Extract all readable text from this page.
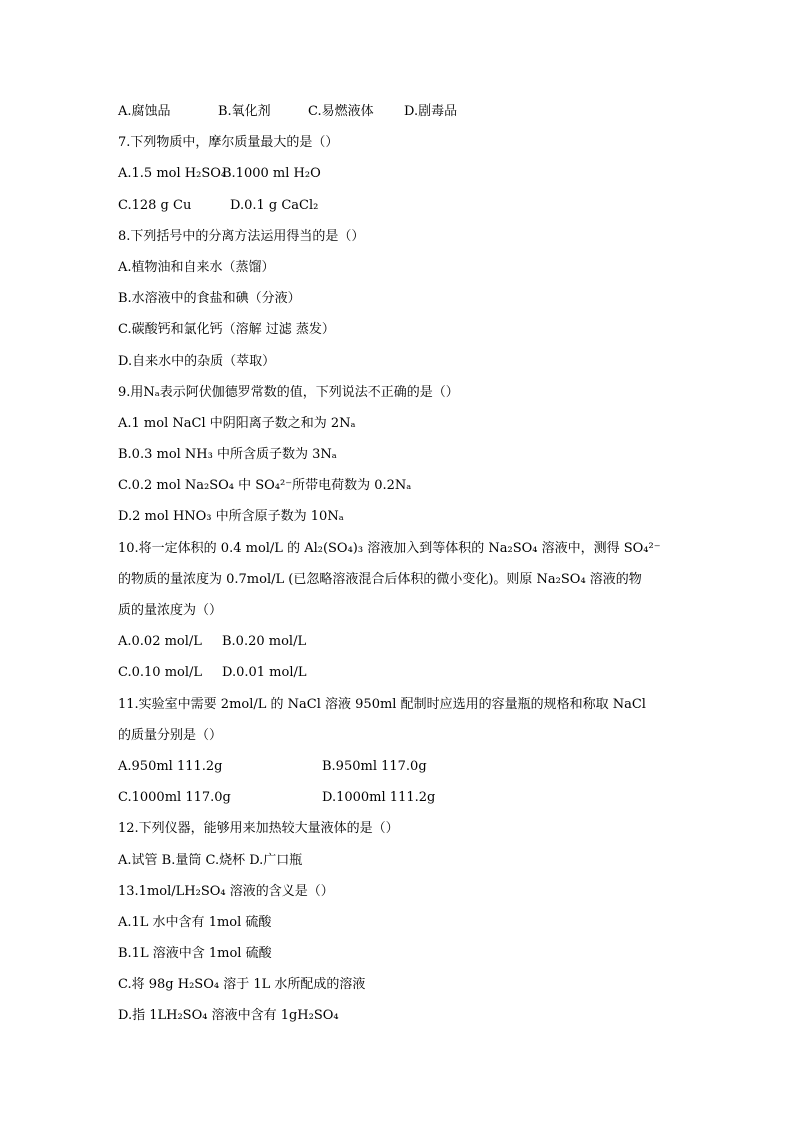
A.腐蚀品	B.氧化剂	C.易燃液体 D.剧毒品
7.下列物质中，摩尔质量最大的是（）
A.1.5 mol H₂SO₄B.1000 ml H₂O
C.128 g Cu	D.0.1 g CaCl₂
8.下列括号中的分离方法运用得当的是（）
A.植物油和自来水（蒸馏）
B.水溶液中的食盐和碘（分液）
C.碳酸钙和氯化钙（溶解 过滤 蒸发）
D.自来水中的杂质（萃取）
9.用Nₐ表示阿伏伽德罗常数的值，下列说法不正确的是（）
A.1 mol NaCl 中阴阳离子数之和为 2Nₐ
B.0.3 mol NH₃ 中所含质子数为 3Nₐ
C.0.2 mol Na₂SO₄ 中 SO₄²⁻所带电荷数为 0.2Nₐ
D.2 mol HNO₃ 中所含原子数为 10Nₐ
10.将一定体积的 0.4 mol/L 的 Al₂(SO₄)₃ 溶液加入到等体积的 Na₂SO₄ 溶液中，测得 SO₄²⁻
的物质的量浓度为 0.7mol/L (已忽略溶液混合后体积的微小变化)。则原 Na₂SO₄ 溶液的物
质的量浓度为（）
A.0.02 mol/L B.0.20 mol/L
C.0.10 mol/L D.0.01 mol/L
11.实验室中需要 2mol/L 的 NaCl 溶液 950ml 配制时应选用的容量瓶的规格和称取 NaCl
的质量分别是（）
A.950ml 111.2g	B.950ml 117.0g
C.1000ml 117.0g	D.1000ml 111.2g
12.下列仪器，能够用来加热较大量液体的是（）
A.试管 B.量筒 C.烧杯 D.广口瓶
13.1mol/LH₂SO₄ 溶液的含义是（）
A.1L 水中含有 1mol 硫酸
B.1L 溶液中含 1mol 硫酸
C.将 98g H₂SO₄ 溶于 1L 水所配成的溶液
D.指 1LH₂SO₄ 溶液中含有 1gH₂SO₄
